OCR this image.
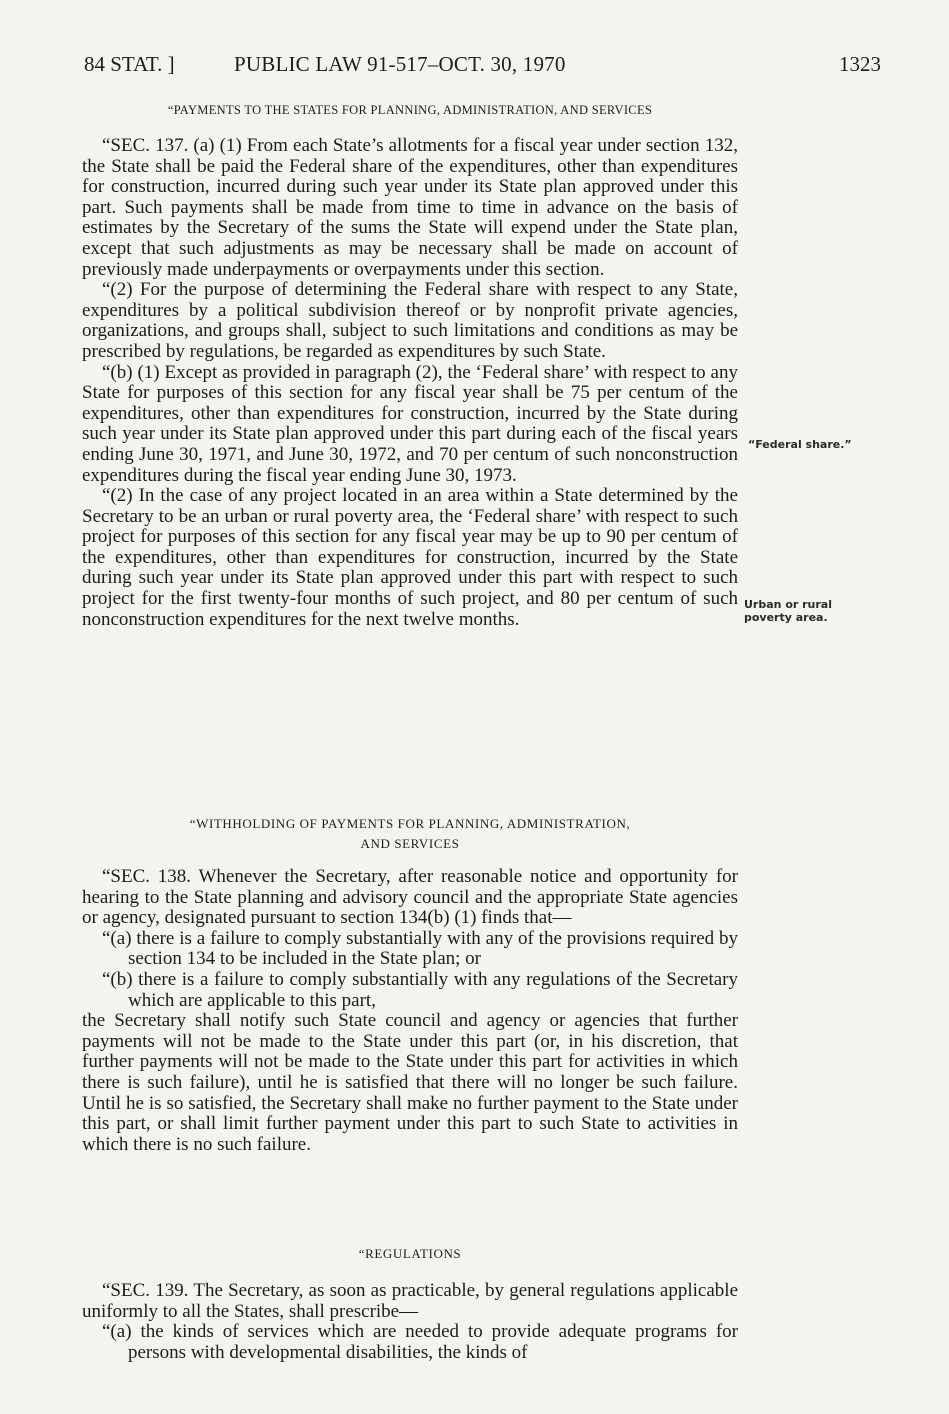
84 STAT. ]	PUBLIC LAW 91-517–OCT. 30, 1970	1323
“PAYMENTS TO THE STATES FOR PLANNING, ADMINISTRATION, AND SERVICES

“SEC. 137. (a) (1) From each State’s allotments for a fiscal year under section 132, the State shall be paid the Federal share of the expenditures, other than expenditures for construction, incurred during such year under its State plan approved under this part. Such payments shall be made from time to time in advance on the basis of estimates by the Secretary of the sums the State will expend under the State plan, except that such adjustments as may be necessary shall be made on account of previously made underpayments or overpayments under this section.

“(2) For the purpose of determining the Federal share with respect to any State, expenditures by a political subdivision thereof or by nonprofit private agencies, organizations, and groups shall, subject to such limitations and conditions as may be prescribed by regulations, be regarded as expenditures by such State.

“(b) (1) Except as provided in paragraph (2), the ‘Federal share’ with respect to any State for purposes of this section for any fiscal year shall be 75 per centum of the expenditures, other than expenditures for construction, incurred by the State during such year under its State plan approved under this part during each of the fiscal years ending June 30, 1971, and June 30, 1972, and 70 per centum of such nonconstruction expenditures during the fiscal year ending June 30, 1973.

“(2) In the case of any project located in an area within a State determined by the Secretary to be an urban or rural poverty area, the ‘Federal share’ with respect to such project for purposes of this section for any fiscal year may be up to 90 per centum of the expenditures, other than expenditures for construction, incurred by the State during such year under its State plan approved under this part with respect to such project for the first twenty-four months of such project, and 80 per centum of such nonconstruction expenditures for the next twelve months.

“Federal share.”
Urban or rural poverty area.
“WITHHOLDING OF PAYMENTS FOR PLANNING, ADMINISTRATION,
AND SERVICES

“SEC. 138. Whenever the Secretary, after reasonable notice and opportunity for hearing to the State planning and advisory council and the appropriate State agencies or agency, designated pursuant to section 134(b) (1) finds that—

“(a) there is a failure to comply substantially with any of the provisions required by section 134 to be included in the State plan; or

“(b) there is a failure to comply substantially with any regulations of the Secretary which are applicable to this part,

the Secretary shall notify such State council and agency or agencies that further payments will not be made to the State under this part (or, in his discretion, that further payments will not be made to the State under this part for activities in which there is such failure), until he is satisfied that there will no longer be such failure. Until he is so satisfied, the Secretary shall make no further payment to the State under this part, or shall limit further payment under this part to such State to activities in which there is no such failure.

“REGULATIONS

“SEC. 139. The Secretary, as soon as practicable, by general regulations applicable uniformly to all the States, shall prescribe—

“(a) the kinds of services which are needed to provide adequate programs for persons with developmental disabilities, the kinds of
